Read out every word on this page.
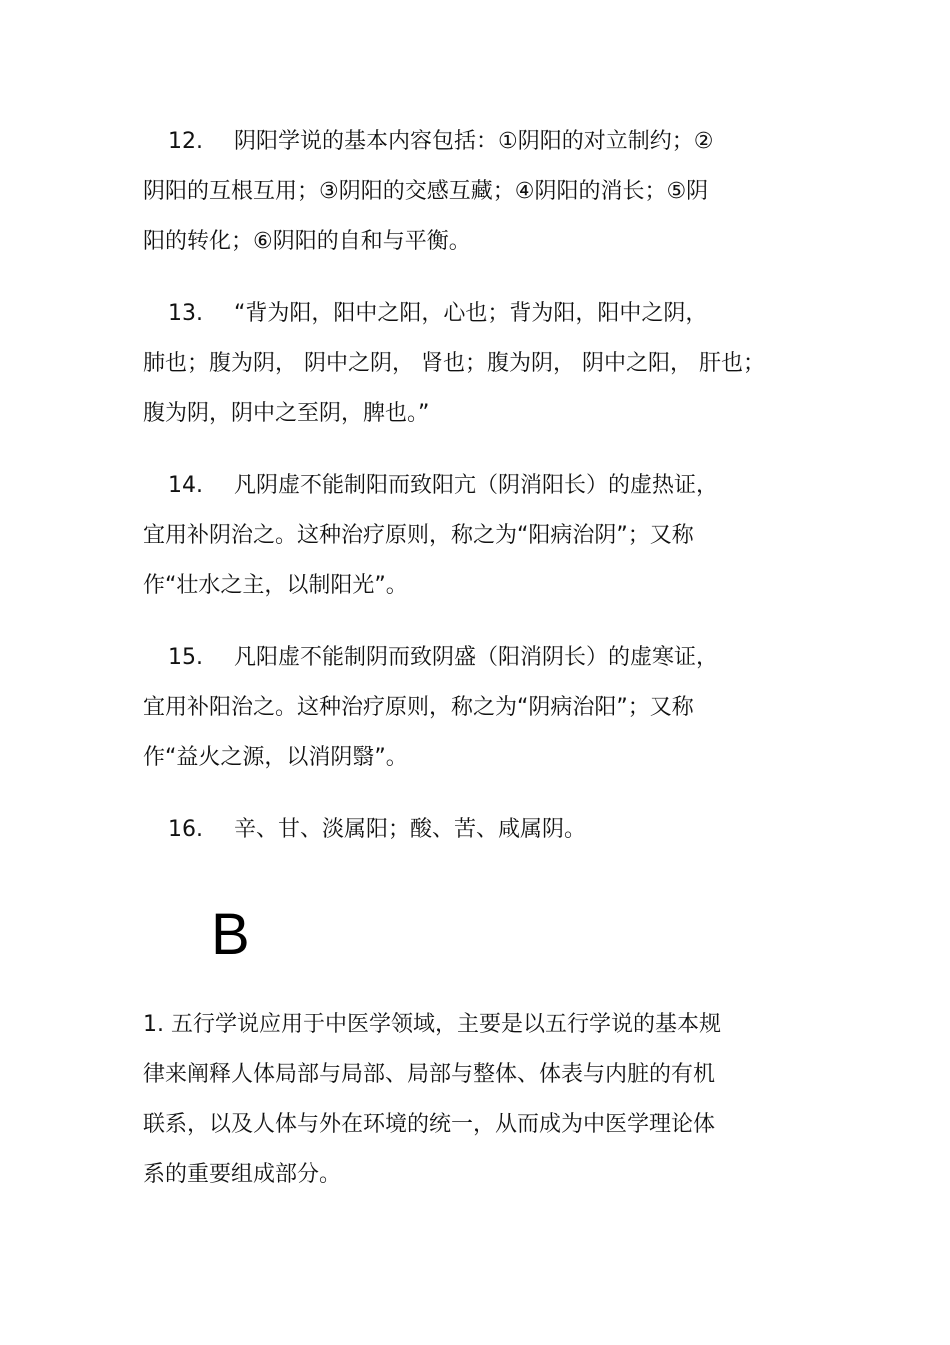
12. 阴阳学说的基本内容包括：①阴阳的对立制约；②
阴阳的互根互用；③阴阳的交感互藏；④阴阳的消长；⑤阴
阳的转化；⑥阴阳的自和与平衡。
13. “背为阳，阳中之阳，心也；背为阳，阳中之阴，
肺也；腹为阴， 阴中之阴， 肾也；腹为阴， 阴中之阳， 肝也；
腹为阴，阴中之至阴，脾也。”
14. 凡阴虚不能制阳而致阳亢（阴消阳长）的虚热证，
宜用补阴治之。这种治疗原则，称之为“阳病治阴”；又称
作“壮水之主，以制阳光”。
15. 凡阳虚不能制阴而致阴盛（阳消阴长）的虚寒证，
宜用补阳治之。这种治疗原则，称之为“阴病治阳”；又称
作“益火之源，以消阴翳”。
16. 辛、甘、淡属阳；酸、苦、咸属阴。
B
1. 五行学说应用于中医学领域，主要是以五行学说的基本规
律来阐释人体局部与局部、局部与整体、体表与内脏的有机
联系，以及人体与外在环境的统一，从而成为中医学理论体
系的重要组成部分。
